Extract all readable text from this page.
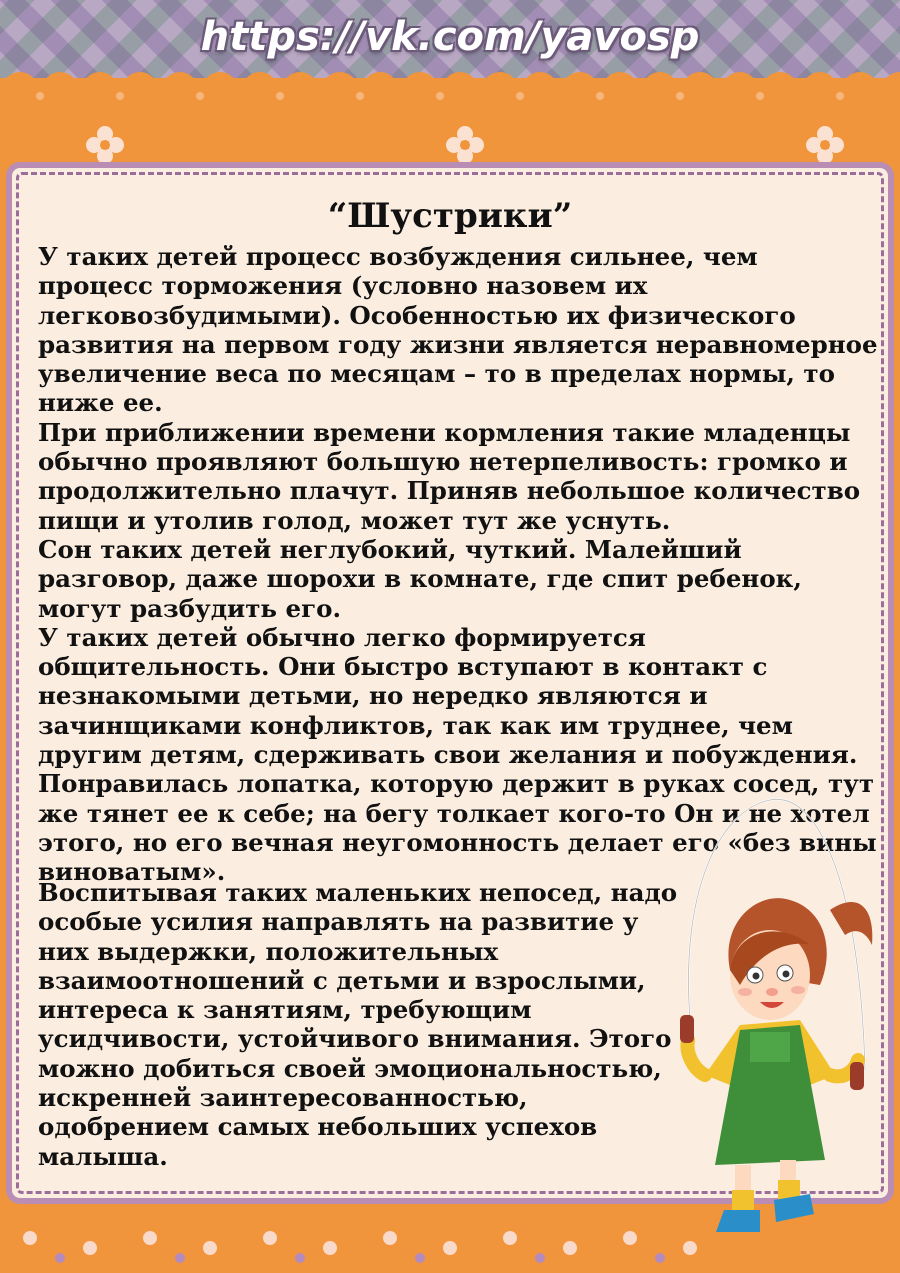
https://vk.com/yavosp
“Шустрики”

У таких детей процесс возбуждения сильнее, чем процесс торможения (условно назовем их легковозбудимыми). Особенностью их физического развития на первом году жизни является неравномерное увеличение веса по месяцам – то в пределах нормы, то ниже ее.

При приближении времени кормления такие младенцы обычно проявляют большую нетерпеливость: громко и продолжительно плачут. Приняв небольшое количество пищи и утолив голод, может тут же уснуть.

Сон таких детей неглубокий, чуткий. Малейший разговор, даже шорохи в комнате, где спит ребенок, могут разбудить его.

У таких детей обычно легко формируется общительность. Они быстро вступают в контакт с незнакомыми детьми, но нередко являются и зачинщиками конфликтов, так как им труднее, чем другим детям, сдерживать свои желания и побуждения. Понравилась лопатка, которую держит в руках сосед, тут же тянет ее к себе; на бегу толкает кого-то Он и не хотел этого, но его вечная неугомонность делает его «без вины виноватым».

Воспитывая таких маленьких непосед, надо особые усилия направлять на развитие у них выдержки, положительных взаимоотношений с детьми и взрослыми, интереса к занятиям, требующим усидчивости, устойчивого внимания. Этого можно добиться своей эмоциональностью, искренней заинтересованностью, одобрением самых небольших успехов малыша.
